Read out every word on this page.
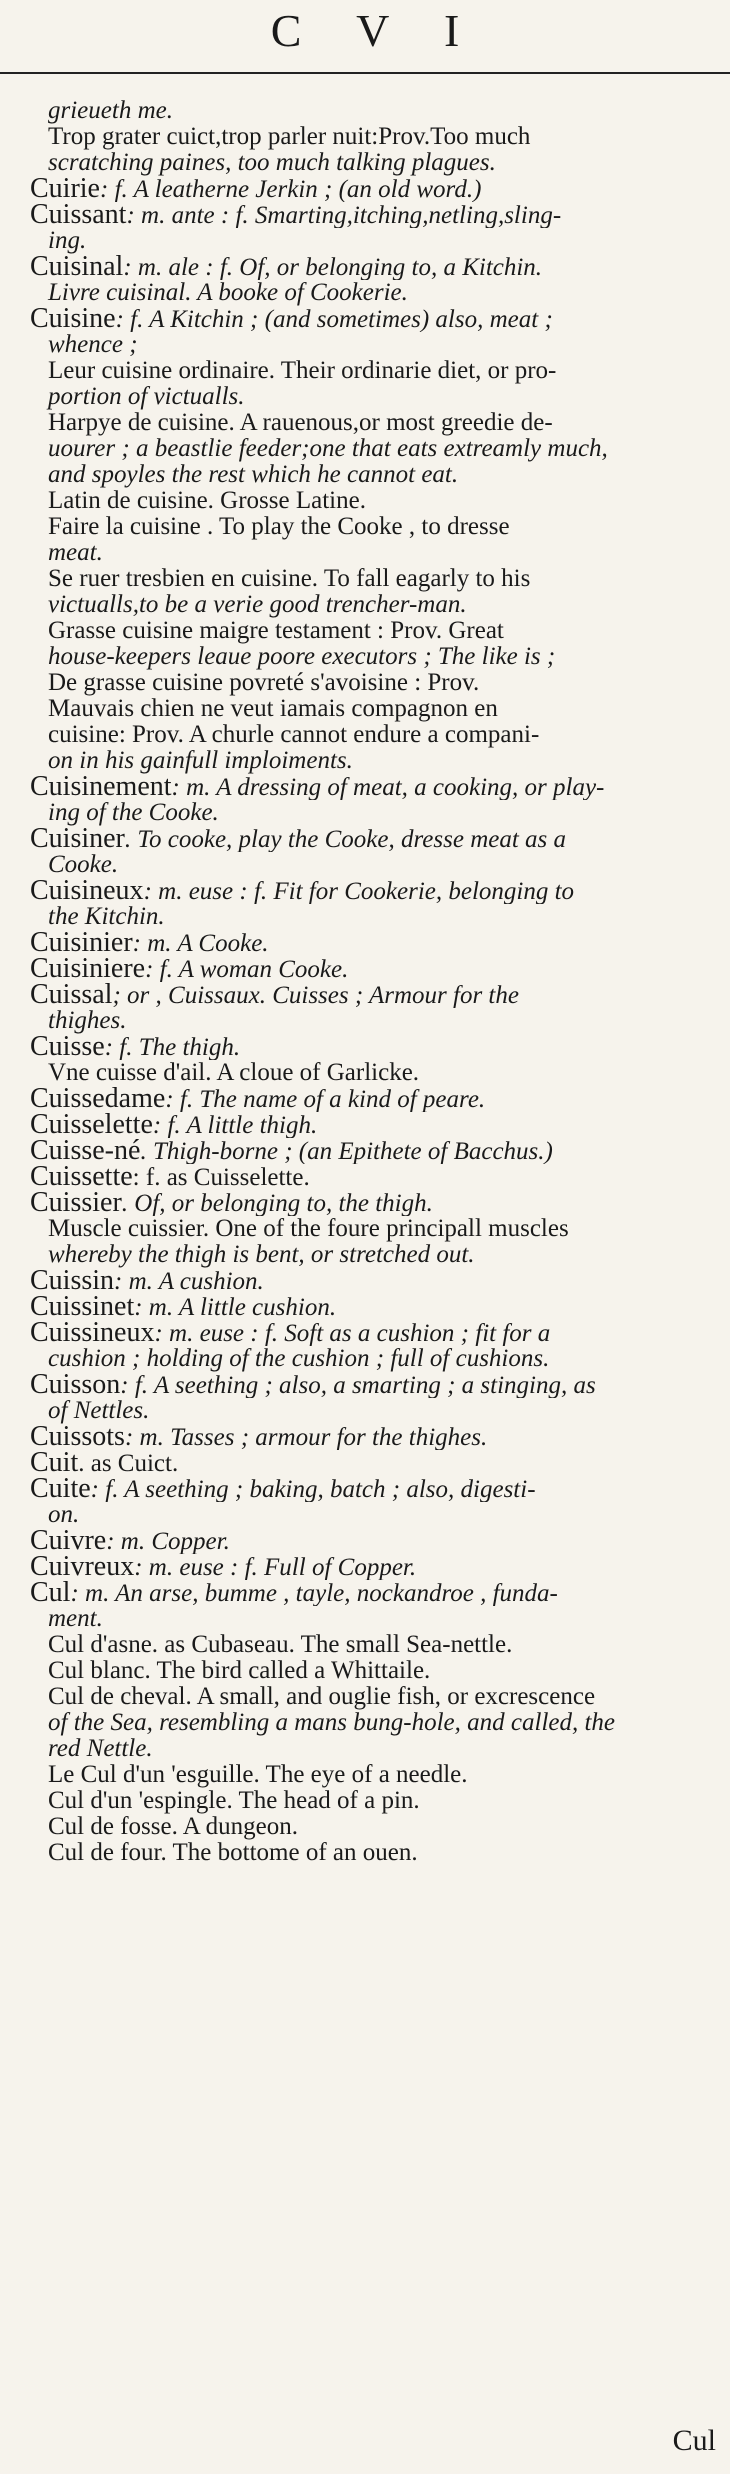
C V I
grieueth me.
Trop grater cuict,trop parler nuit:Prov.Too much
scratching paines, too much talking plagues.
Cuirie: f. A leatherne Jerkin ; (an old word.)
Cuissant: m. ante : f. Smarting,itching,netling,sling-
ing.
Cuisinal: m. ale : f. Of, or belonging to, a Kitchin.
Livre cuisinal. A booke of Cookerie.
Cuisine: f. A Kitchin ; (and sometimes) also, meat ;
whence ;
Leur cuisine ordinaire. Their ordinarie diet, or pro-
portion of victualls.
Harpye de cuisine. A rauenous,or most greedie de-
uourer ; a beastlie feeder;one that eats extreamly much,
and spoyles the rest which he cannot eat.
Latin de cuisine. Grosse Latine.
Faire la cuisine . To play the Cooke , to dresse
meat.
Se ruer tresbien en cuisine. To fall eagarly to his
victualls,to be a verie good trencher-man.
Grasse cuisine maigre testament : Prov. Great
house-keepers leaue poore executors ; The like is ;
De grasse cuisine povreté s'avoisine : Prov.
Mauvais chien ne veut iamais compagnon en
cuisine: Prov. A churle cannot endure a compani-
on in his gainfull imploiments.
Cuisinement: m. A dressing of meat, a cooking, or play-
ing of the Cooke.
Cuisiner. To cooke, play the Cooke, dresse meat as a
Cooke.
Cuisineux: m. euse : f. Fit for Cookerie, belonging to
the Kitchin.
Cuisinier: m. A Cooke.
Cuisiniere: f. A woman Cooke.
Cuissal; or , Cuissaux. Cuisses ; Armour for the
thighes.
Cuisse: f. The thigh.
Vne cuisse d'ail. A cloue of Garlicke.
Cuissedame: f. The name of a kind of peare.
Cuisselette: f. A little thigh.
Cuisse-né. Thigh-borne ; (an Epithete of Bacchus.)
Cuissette: f. as Cuisselette.
Cuissier. Of, or belonging to, the thigh.
Muscle cuissier. One of the foure principall muscles
whereby the thigh is bent, or stretched out.
Cuissin: m. A cushion.
Cuissinet: m. A little cushion.
Cuissineux: m. euse : f. Soft as a cushion ; fit for a
cushion ; holding of the cushion ; full of cushions.
Cuisson: f. A seething ; also, a smarting ; a stinging, as
of Nettles.
Cuissots: m. Tasses ; armour for the thighes.
Cuit. as Cuict.
Cuite: f. A seething ; baking, batch ; also, digesti-
on.
Cuivre: m. Copper.
Cuivreux: m. euse : f. Full of Copper.
Cul: m. An arse, bumme , tayle, nockandroe , funda-
ment.
Cul d'asne. as Cubaseau. The small Sea-nettle.
Cul blanc. The bird called a Whittaile.
Cul de cheval. A small, and ouglie fish, or excrescence
of the Sea, resembling a mans bung-hole, and called, the
red Nettle.
Le Cul d'un 'esguille. The eye of a needle.
Cul d'un 'espingle. The head of a pin.
Cul de fosse. A dungeon.
Cul de four. The bottome of an ouen.
Cul
